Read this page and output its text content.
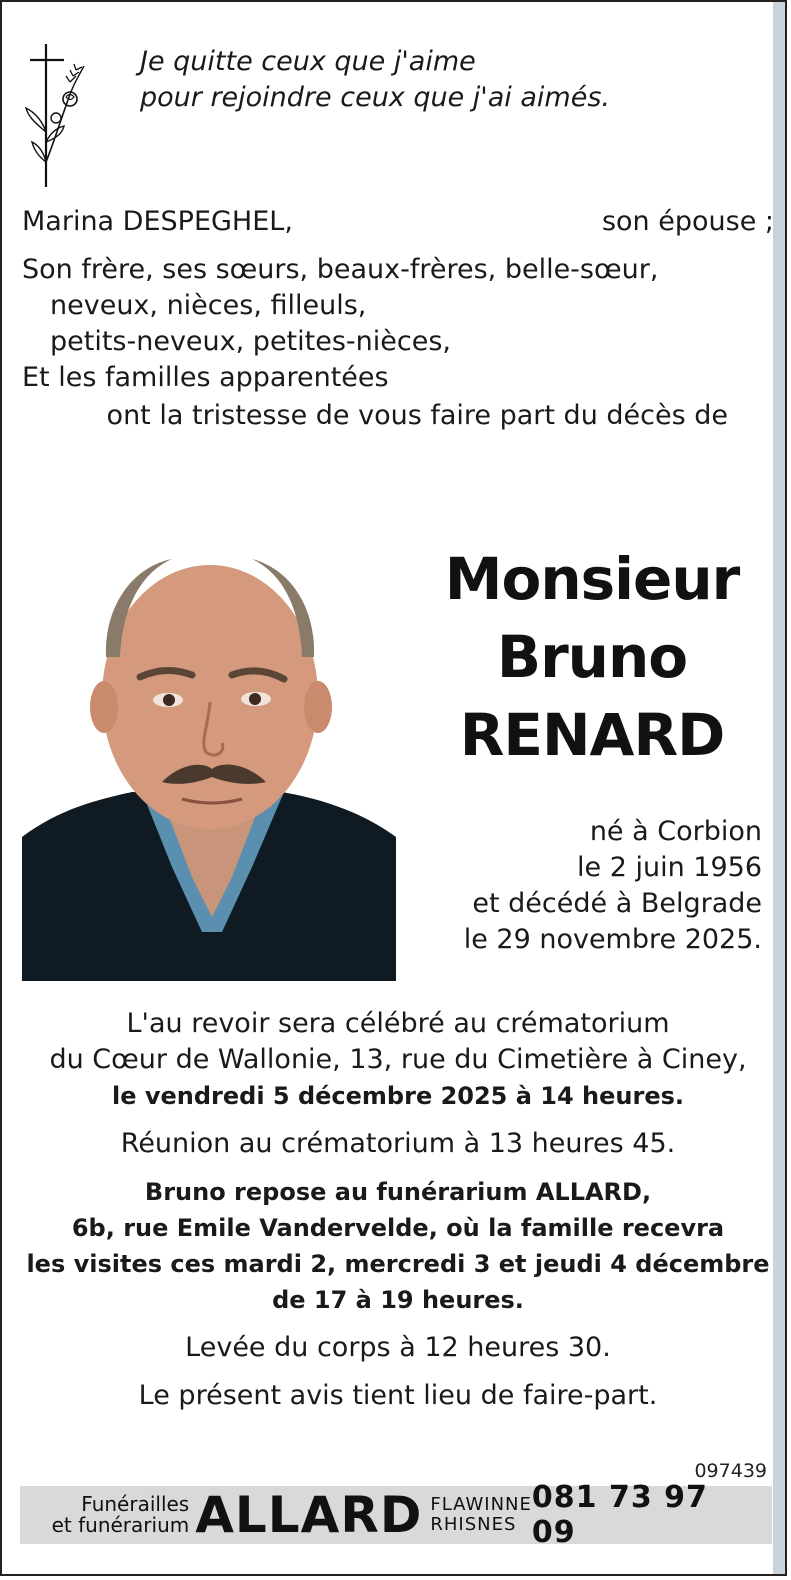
Je quitte ceux que j'aime
pour rejoindre ceux que j'ai aimés.
Marina DESPEGHEL,	son épouse ;
Son frère, ses sœurs, beaux-frères, belle-sœur,
neveux, nièces, filleuls,
petits-neveux, petites-nièces,
Et les familles apparentées
ont la tristesse de vous faire part du décès de
Monsieur
Bruno
RENARD
né à Corbion
le 2 juin 1956
et décédé à Belgrade
le 29 novembre 2025.
L'au revoir sera célébré au crématorium
du Cœur de Wallonie, 13, rue du Cimetière à Ciney,
le vendredi 5 décembre 2025 à 14 heures.
Réunion au crématorium à 13 heures 45.
Bruno repose au funérarium ALLARD,
6b, rue Emile Vandervelde, où la famille recevra
les visites ces mardi 2, mercredi 3 et jeudi 4 décembre
de 17 à 19 heures.
Levée du corps à 12 heures 30.
Le présent avis tient lieu de faire-part.
097439
Funérailles
et funérarium ALLARD FLAWINNE
RHISNES
081 73 97 09
